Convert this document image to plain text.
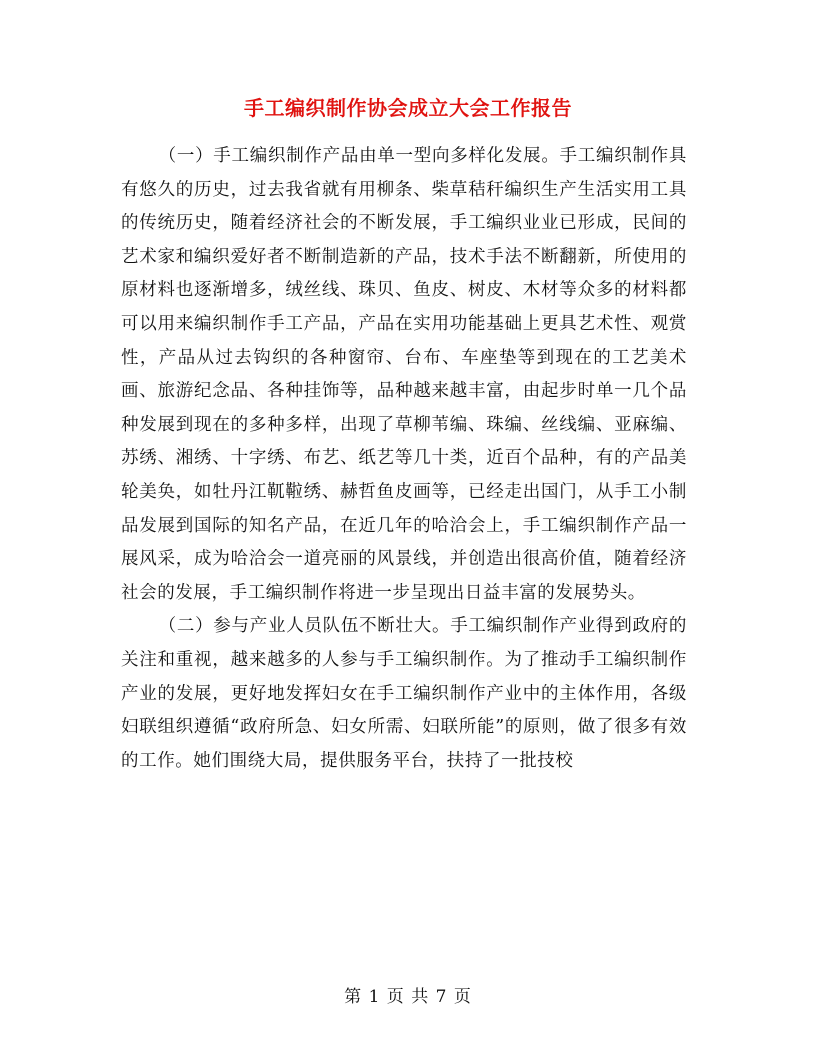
手工编织制作协会成立大会工作报告

（一）手工编织制作产品由单一型向多样化发展。手工编织制作具有悠久的历史，过去我省就有用柳条、柴草秸秆编织生产生活实用工具的传统历史，随着经济社会的不断发展，手工编织业业已形成，民间的艺术家和编织爱好者不断制造新的产品，技术手法不断翻新，所使用的原材料也逐渐增多，绒丝线、珠贝、鱼皮、树皮、木材等众多的材料都可以用来编织制作手工产品，产品在实用功能基础上更具艺术性、观赏性，产品从过去钩织的各种窗帘、台布、车座垫等到现在的工艺美术画、旅游纪念品、各种挂饰等，品种越来越丰富，由起步时单一几个品种发展到现在的多种多样，出现了草柳苇编、珠编、丝线编、亚麻编、苏绣、湘绣、十字绣、布艺、纸艺等几十类，近百个品种，有的产品美轮美奂，如牡丹江靰鞡绣、赫哲鱼皮画等，已经走出国门，从手工小制品发展到国际的知名产品，在近几年的哈洽会上，手工编织制作产品一展风采，成为哈洽会一道亮丽的风景线，并创造出很高价值，随着经济社会的发展，手工编织制作将进一步呈现出日益丰富的发展势头。

（二）参与产业人员队伍不断壮大。手工编织制作产业得到政府的关注和重视，越来越多的人参与手工编织制作。为了推动手工编织制作产业的发展，更好地发挥妇女在手工编织制作产业中的主体作用，各级妇联组织遵循“政府所急、妇女所需、妇联所能”的原则，做了很多有效的工作。她们围绕大局，提供服务平台，扶持了一批技校

第 1 页 共 7 页
